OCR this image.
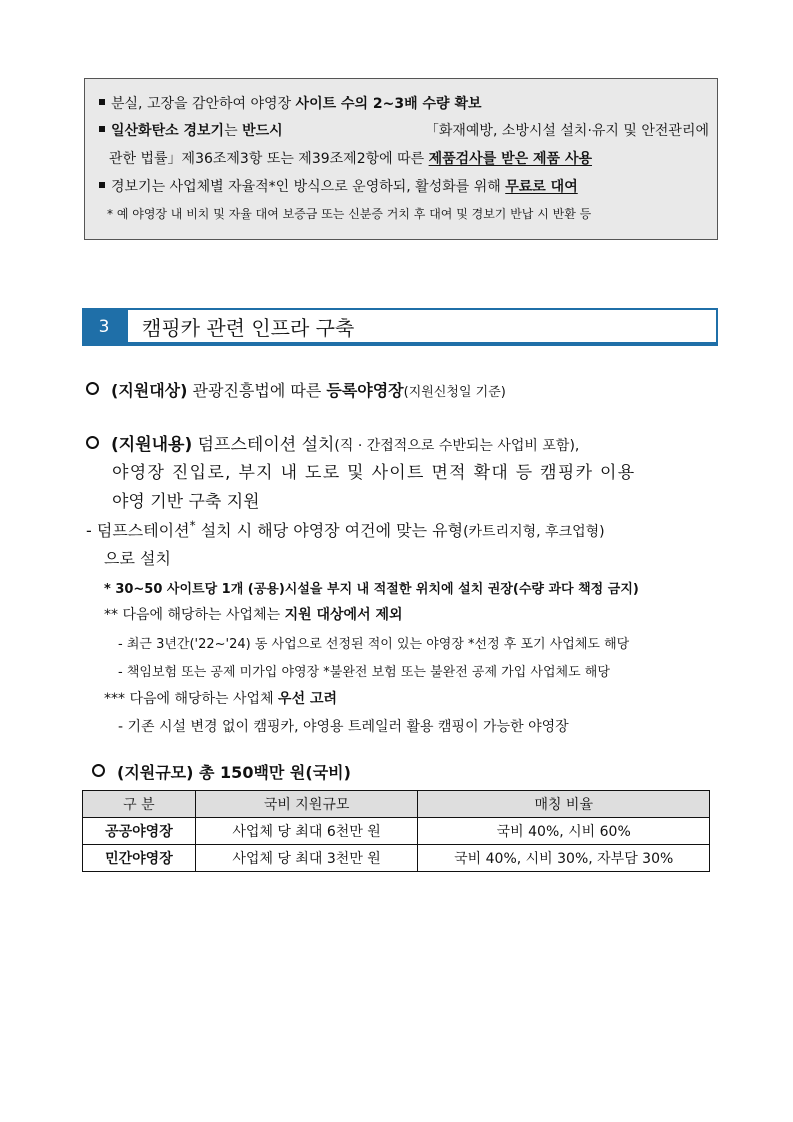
분실, 고장을 감안하여 야영장 사이트 수의 2~3배 수량 확보
일산화탄소 경보기는 반드시	「화재예방, 소방시설 설치·유지 및 안전관리에
관한 법률」제36조제3항 또는 제39조제2항에 따른 제품검사를 받은 제품 사용
경보기는 사업체별 자율적*인 방식으로 운영하되, 활성화를 위해 무료로 대여
* 예 야영장 내 비치 및 자율 대여 보증금 또는 신분증 거치 후 대여 및 경보기 반납 시 반환 등
3	캠핑카 관련 인프라 구축
(지원대상) 관광진흥법에 따른 등록야영장(지원신청일 기준)
(지원내용) 덤프스테이션 설치(직 · 간접적으로 수반되는 사업비 포함),
야영장 진입로, 부지 내 도로 및 사이트 면적 확대 등 캠핑카 이용
야영 기반 구축 지원
- 덤프스테이션* 설치 시 해당 야영장 여건에 맞는 유형(카트리지형, 후크업형)
으로 설치
* 30~50 사이트당 1개 (공용)시설을 부지 내 적절한 위치에 설치 권장(수량 과다 책정 금지)
** 다음에 해당하는 사업체는 지원 대상에서 제외
- 최근 3년간('22~'24) 동 사업으로 선정된 적이 있는 야영장 *선정 후 포기 사업체도 해당
- 책임보험 또는 공제 미가입 야영장 *불완전 보험 또는 불완전 공제 가입 사업체도 해당
*** 다음에 해당하는 사업체 우선 고려
- 기존 시설 변경 없이 캠핑카, 야영용 트레일러 활용 캠핑이 가능한 야영장
(지원규모) 총 150백만 원(국비)
구 분	국비 지원규모	매칭 비율
공공야영장	사업체 당 최대 6천만 원	국비 40%, 시비 60%
민간야영장	사업체 당 최대 3천만 원	국비 40%, 시비 30%, 자부담 30%
